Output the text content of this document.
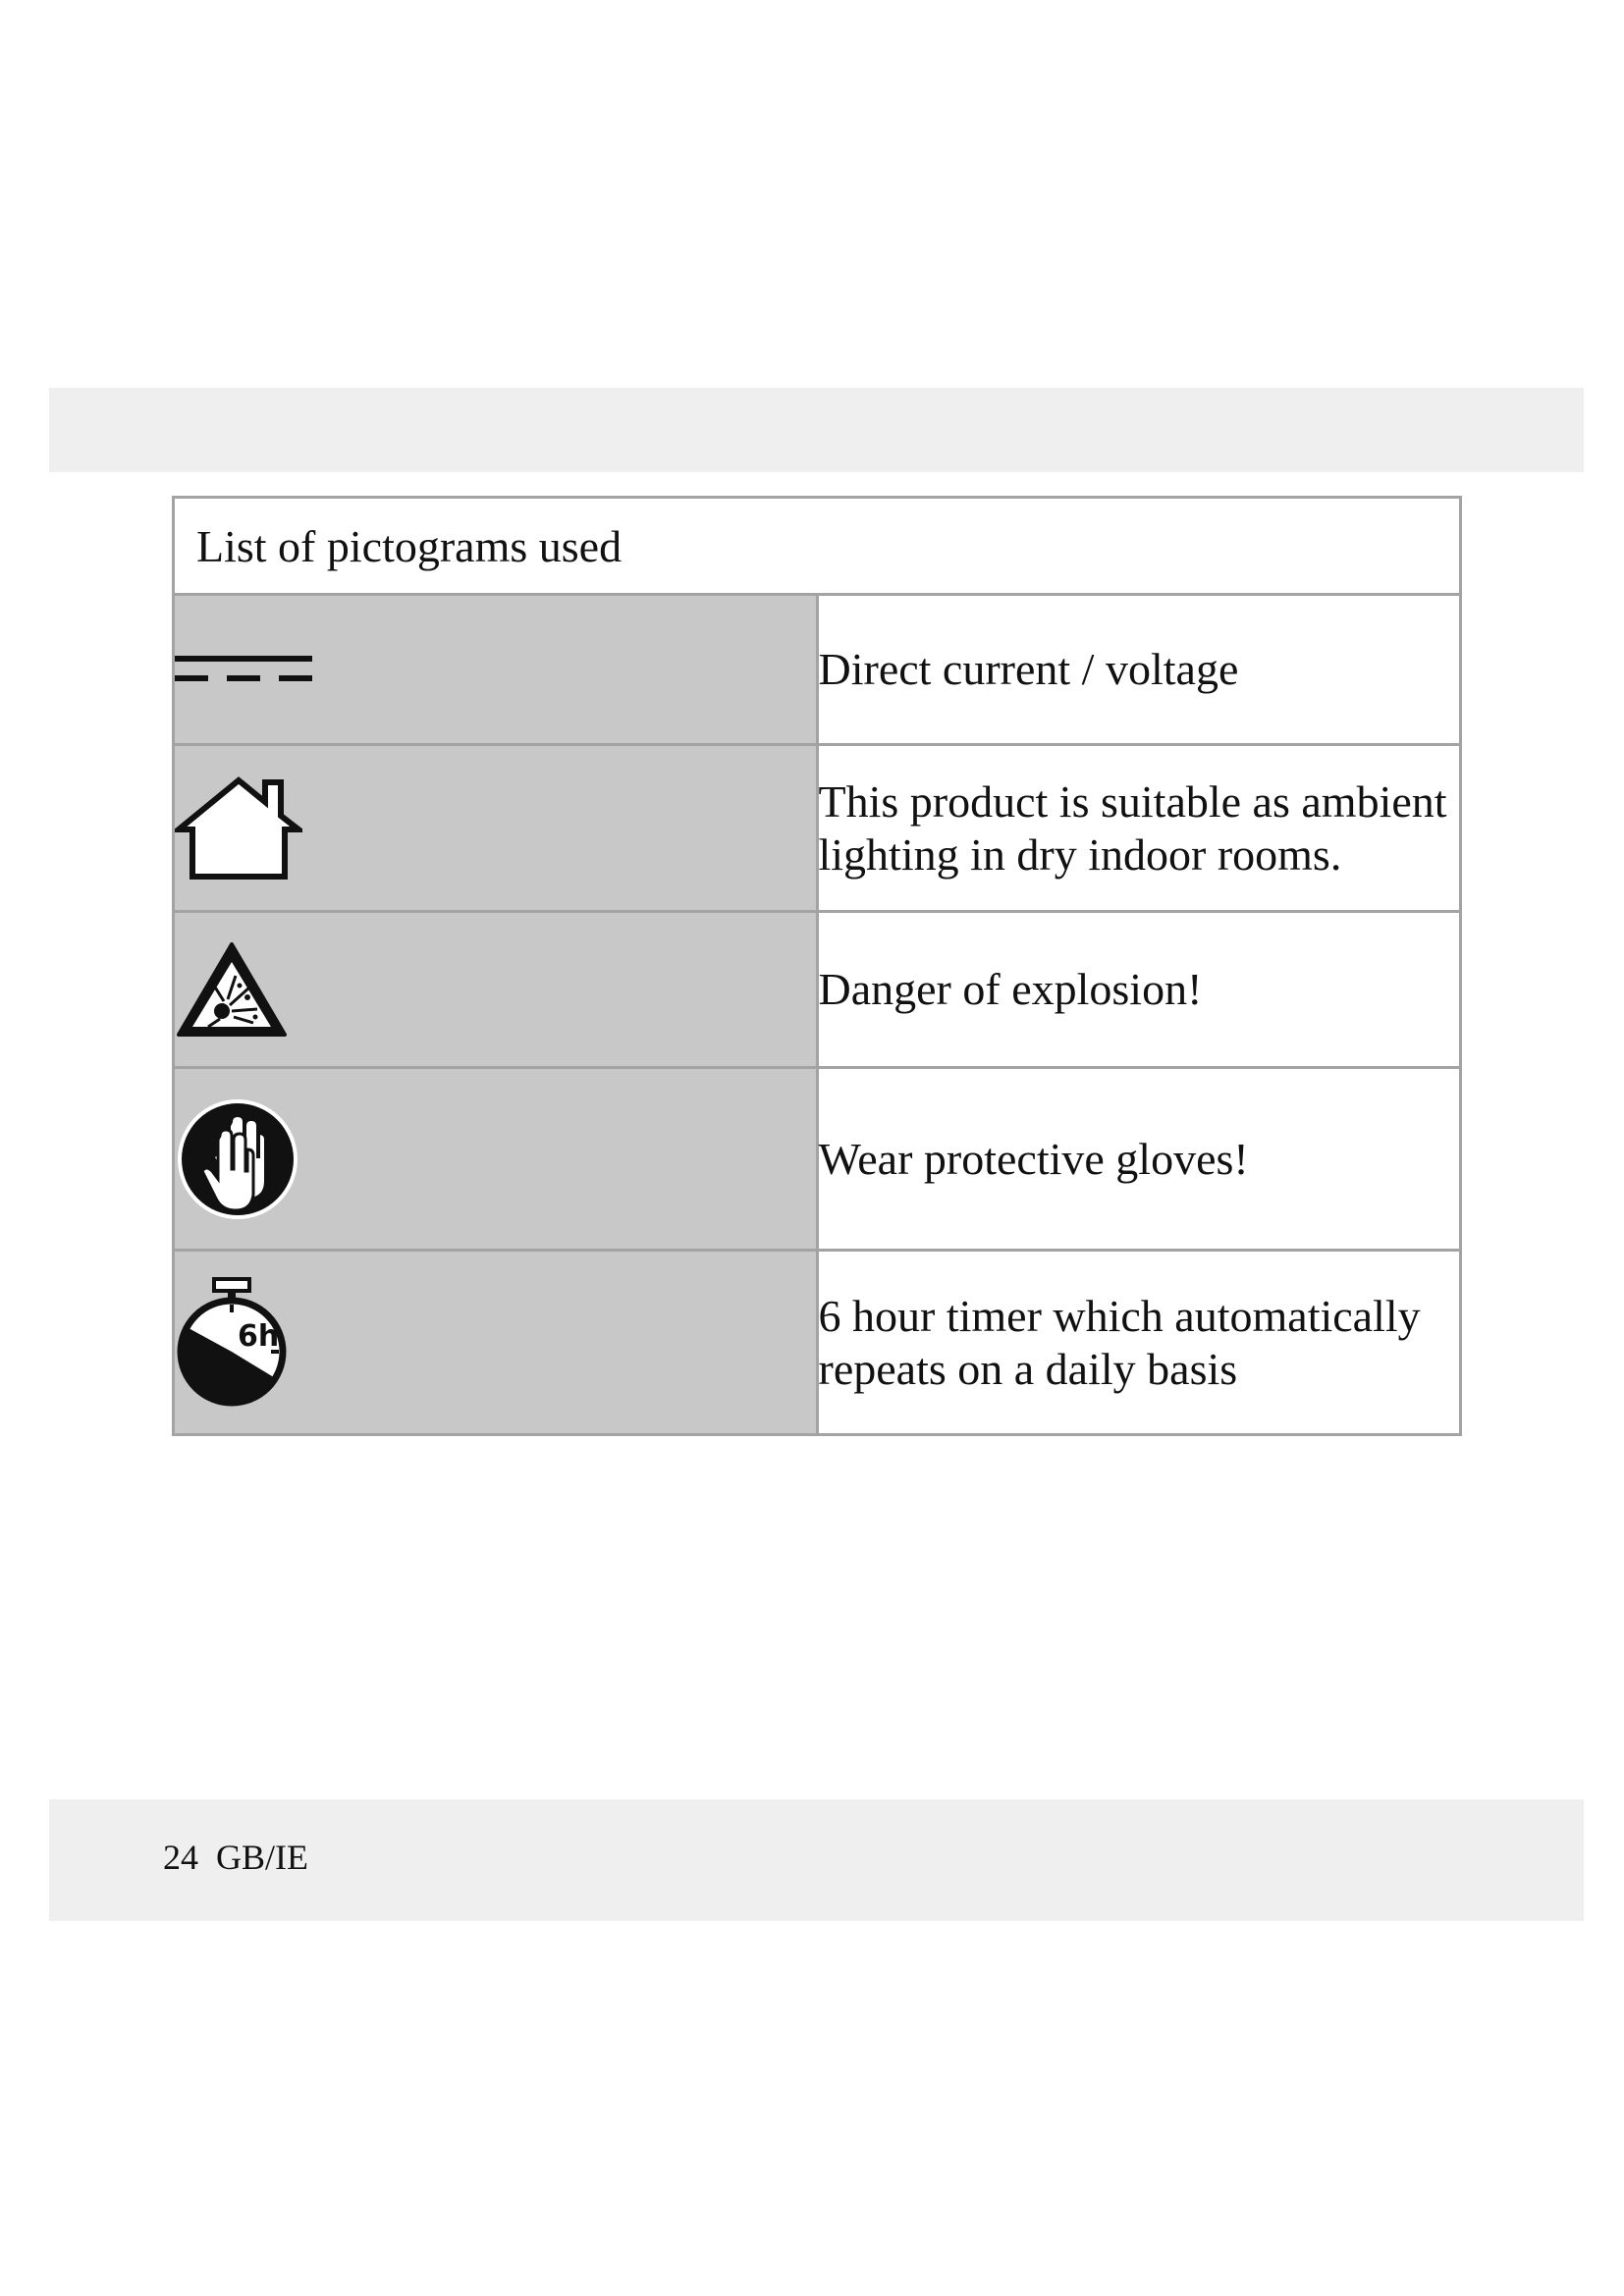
List of pictograms used	

	Direct current / voltage

	This product is suitable as ambient lighting in dry indoor rooms.

	Danger of explosion!

	Wear protective gloves!

6h	6 hour timer which automatically repeats on a daily basis
24 GB/IE
